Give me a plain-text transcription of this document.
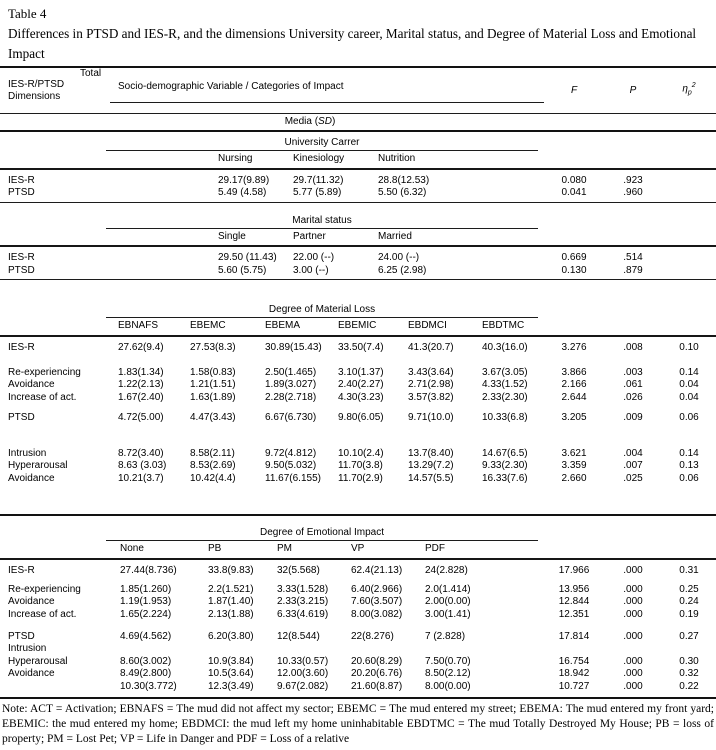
Table 4
Differences in PTSD and IES-R, and the dimensions University career, Marital status, and Degree of Material Loss and Emotional Impact
Total
IES-R/PTSD
Dimensions
Socio-demographic Variable / Categories of Impact	F	P	$\eta_p^2$
Media (SD)
University Carrer
	Nursing	Kinesiology	Nutrition			
IES-R	29.17(9.89)	29.7(11.32)	28.8(12.53)	0.080	.923	
PTSD	5.49 (4.58)	5.77 (5.89)	5.50 (6.32)	0.041	.960	
Marital status
	Single	Partner	Married			
IES-R	29.50 (11.43)	22.00 (--)	24.00 (--)	0.669	.514	
PTSD	5.60 (5.75)	3.00 (--)	6.25 (2.98)	0.130	.879	
Degree of Material Loss
	EBNAFS	EBEMC	EBEMA	EBEMIC	EBDMCI	EBDTMC			
IES-R	27.62(9.4)	27.53(8.3)	30.89(15.43)	33.50(7.4)	41.3(20.7)	40.3(16.0)	3.276	.008	0.10
Re-experiencing	1.83(1.34)	1.58(0.83)	2.50(1.465)	3.10(1.37)	3.43(3.64)	3.67(3.05)	3.866	.003	0.14
Avoidance	1.22(2.13)	1.21(1.51)	1.89(3.027)	2.40(2.27)	2.71(2.98)	4.33(1.52)	2.166	.061	0.04
Increase of act.	1.67(2.40)	1.63(1.89)	2.28(2.718)	4.30(3.23)	3.57(3.82)	2.33(2.30)	2.644	.026	0.04
PTSD	4.72(5.00)	4.47(3.43)	6.67(6.730)	9.80(6.05)	9.71(10.0)	10.33(6.8)	3.205	.009	0.06
Intrusion	8.72(3.40)	8.58(2.11)	9.72(4.812)	10.10(2.4)	13.7(8.40)	14.67(6.5)	3.621	.004	0.14
Hyperarousal	8.63 (3.03)	8.53(2.69)	9.50(5.032)	11.70(3.8)	13.29(7.2)	9.33(2.30)	3.359	.007	0.13
Avoidance	10.21(3.7)	10.42(4.4)	11.67(6.155)	11.70(2.9)	14.57(5.5)	16.33(7.6)	2.660	.025	0.06
Degree of Emotional Impact
	None	PB	PM	VP	PDF			
IES-R	27.44(8.736)	33.8(9.83)	32(5.568)	62.4(21.13)	24(2.828)	17.966	.000	0.31
Re-experiencing	1.85(1.260)	2.2(1.521)	3.33(1.528)	6.40(2.966)	2.0(1.414)	13.956	.000	0.25
Avoidance	1.19(1.953)	1.87(1.40)	2.33(3.215)	7.60(3.507)	2.00(0.00)	12.844	.000	0.24
Increase of act.	1.65(2.224)	2.13(1.88)	6.33(4.619)	8.00(3.082)	3.00(1.41)	12.351	.000	0.19
PTSD	4.69(4.562)	6.20(3.80)	12(8.544)	22(8.276)	7 (2.828)	17.814	.000	0.27
Intrusion								
Hyperarousal	8.60(3.002)	10.9(3.84)	10.33(0.57)	20.60(8.29)	7.50(0.70)	16.754	.000	0.30
Avoidance	8.49(2.800)	10.5(3.64)	12.00(3.60)	20.20(6.76)	8.50(2.12)	18.942	.000	0.32
	10.30(3.772)	12.3(3.49)	9.67(2.082)	21.60(8.87)	8.00(0.00)	10.727	.000	0.22
Note: ACT = Activation; EBNAFS = The mud did not affect my sector; EBEMC = The mud entered my street; EBEMA: The mud entered my front yard; EBEMIC: the mud entered my home; EBDMCI: the mud left my home uninhabitable EBDTMC = The mud Totally Destroyed My House; PB = loss of property; PM = Lost Pet; VP = Life in Danger and PDF = Loss of a relative
